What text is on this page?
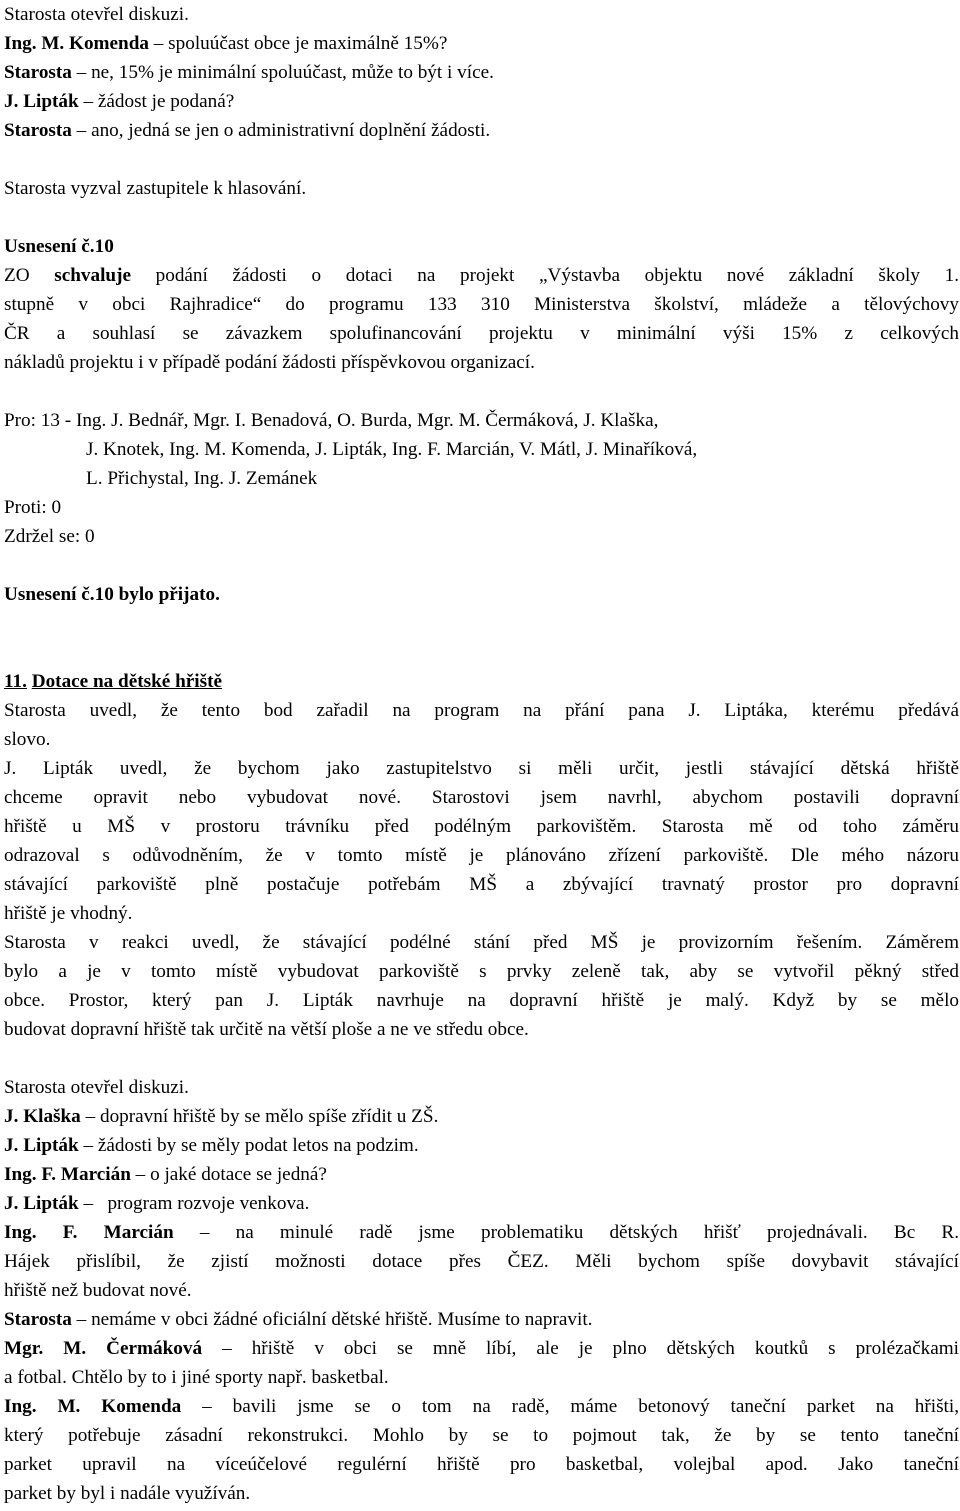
Starosta otevřel diskuzi.
Ing. M. Komenda – spoluúčast obce je maximálně 15%?
Starosta – ne, 15% je minimální spoluúčast, může to být i více.
J. Lipták – žádost je podaná?
Starosta – ano, jedná se jen o administrativní doplnění žádosti.
Starosta vyzval zastupitele k hlasování.
Usnesení č.10
ZO schvaluje podání žádosti o dotaci na projekt „Výstavba objektu nové základní školy 1.
stupně v obci Rajhradice“ do programu 133 310 Ministerstva školství, mládeže a tělovýchovy
ČR a souhlasí se závazkem spolufinancování projektu v minimální výši 15% z celkových
nákladů projektu i v případě podání žádosti příspěvkovou organizací.
Pro: 13 - Ing. J. Bednář, Mgr. I. Benadová, O. Burda, Mgr. M. Čermáková, J. Klaška,
J. Knotek, Ing. M. Komenda, J. Lipták, Ing. F. Marcián, V. Mátl, J. Minaříková,
L. Přichystal, Ing. J. Zemánek
Proti: 0
Zdržel se: 0
Usnesení č.10 bylo přijato.
11. Dotace na dětské hřiště
Starosta uvedl, že tento bod zařadil na program na přání pana J. Liptáka, kterému předává
slovo.
J. Lipták uvedl, že bychom jako zastupitelstvo si měli určit, jestli stávající dětská hřiště
chceme opravit nebo vybudovat nové. Starostovi jsem navrhl, abychom postavili dopravní
hřiště u MŠ v prostoru trávníku před podélným parkovištěm. Starosta mě od toho záměru
odrazoval s odůvodněním, že v tomto místě je plánováno zřízení parkoviště. Dle mého názoru
stávající parkoviště plně postačuje potřebám MŠ a zbývající travnatý prostor pro dopravní
hřiště je vhodný.
Starosta v reakci uvedl, že stávající podélné stání před MŠ je provizorním řešením. Záměrem
bylo a je v tomto místě vybudovat parkoviště s prvky zeleně tak, aby se vytvořil pěkný střed
obce. Prostor, který pan J. Lipták navrhuje na dopravní hřiště je malý. Když by se mělo
budovat dopravní hřiště tak určitě na větší ploše a ne ve středu obce.
Starosta otevřel diskuzi.
J. Klaška – dopravní hřiště by se mělo spíše zřídit u ZŠ.
J. Lipták – žádosti by se měly podat letos na podzim.
Ing. F. Marcián – o jaké dotace se jedná?
J. Lipták –   program rozvoje venkova.
Ing. F. Marcián – na minulé radě jsme problematiku dětských hřišť projednávali. Bc R.
Hájek přislíbil, že zjistí možnosti dotace přes ČEZ. Měli bychom spíše dovybavit stávající
hřiště než budovat nové.
Starosta – nemáme v obci žádné oficiální dětské hřiště. Musíme to napravit.
Mgr. M. Čermáková – hřiště v obci se mně líbí, ale je plno dětských koutků s prolézačkami
a fotbal. Chtělo by to i jiné sporty např. basketbal.
Ing. M. Komenda – bavili jsme se o tom na radě, máme betonový taneční parket na hřišti,
který potřebuje zásadní rekonstrukci. Mohlo by se to pojmout tak, že by se tento taneční
parket upravil na víceúčelové regulérní hřiště pro basketbal, volejbal apod. Jako taneční
parket by byl i nadále využíván.
